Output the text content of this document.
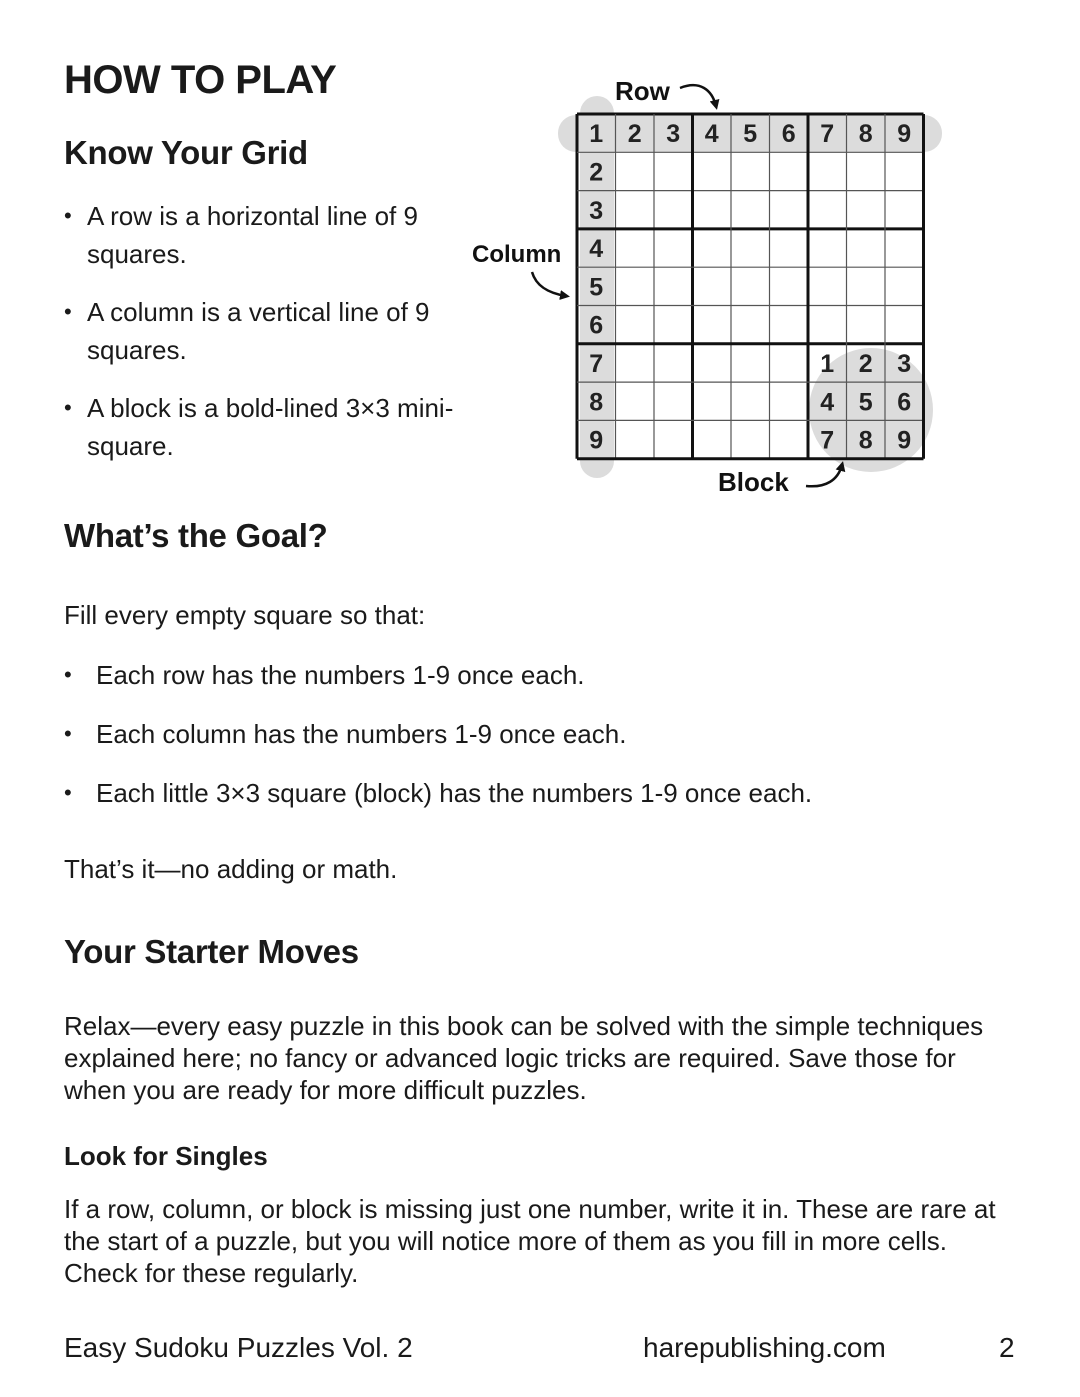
HOW TO PLAY
Know Your Grid
• A row is a horizontal line of 9 squares.
• A column is a vertical line of 9 squares.
• A block is a bold-lined 3×3 mini-square.
1
2
3
4
5
6
7
8
9
2 3 4 5 6 7 8 9
1 2 3
4 5 6
7 8 9
Row
Column
Block
What’s the Goal?
Fill every empty square so that:
• Each row has the numbers 1-9 once each.
• Each column has the numbers 1-9 once each.
• Each little 3×3 square (block) has the numbers 1-9 once each.
That’s it—no adding or math.
Your Starter Moves
Relax—every easy puzzle in this book can be solved with the simple techniques explained here; no fancy or advanced logic tricks are required. Save those for when you are ready for more difficult puzzles.
Look for Singles
If a row, column, or block is missing just one number, write it in. These are rare at the start of a puzzle, but you will notice more of them as you fill in more cells. Check for these regularly.
Easy Sudoku Puzzles Vol. 2	harepublishing.com	2
